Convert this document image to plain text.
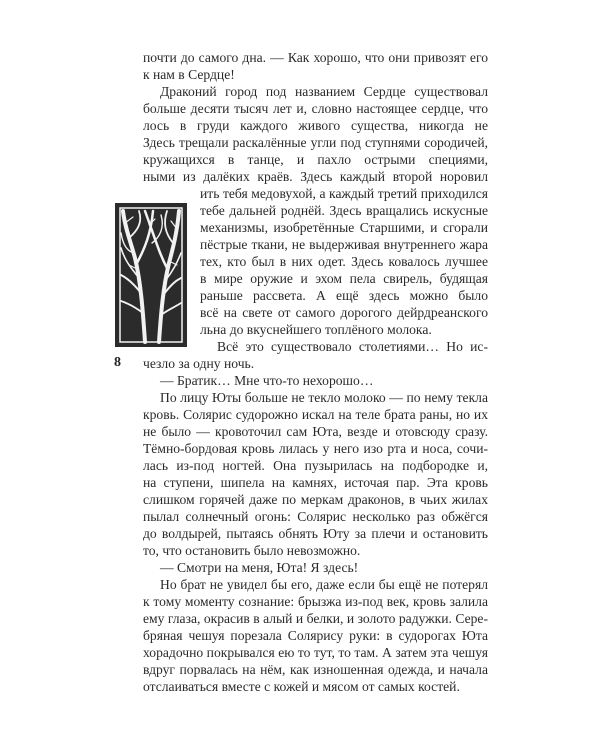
8
почти до самого дна. — Как хорошо, что они привозят его
к нам в Сердце!
Драконий город под названием Сердце существовал
больше десяти тысяч лет и, словно настоящее сердце, что
лось в груди каждого живого существа, никогда не
Здесь трещали раскалённые угли под ступнями сородичей,
кружащихся в танце, и пахло острыми специями,
ными из далёких краёв. Здесь каждый второй норовил
ить тебя медовухой, а каждый третий приходился
тебе дальней роднёй. Здесь вращались искусные
механизмы, изобретённые Старшими, и сгорали
пёстрые ткани, не выдерживая внутреннего жара
тех, кто был в них одет. Здесь ковалось лучшее
в мире оружие и эхом пела свирель, будящая
раньше рассвета. А ещё здесь можно было
всё на свете от самого дорогого дейрдреанского
льна до вкуснейшего топлёного молока.
Всё это существовало столетиями… Но ис-
чезло за одну ночь.
— Братик… Мне что-то нехорошо…
По лицу Юты больше не текло молоко — по нему текла
кровь. Солярис судорожно искал на теле брата раны, но их
не было — кровоточил сам Юта, везде и отовсюду сразу.
Тёмно-бордовая кровь лилась у него изо рта и носа, сочи-
лась из-под ногтей. Она пузырилась на подбородке и,
на ступени, шипела на камнях, источая пар. Эта кровь
слишком горячей даже по меркам драконов, в чьих жилах
пылал солнечный огонь: Солярис несколько раз обжёгся
до волдырей, пытаясь обнять Юту за плечи и остановить
то, что остановить было невозможно.
— Смотри на меня, Юта! Я здесь!
Но брат не увидел бы его, даже если бы ещё не потерял
к тому моменту сознание: брызжа из-под век, кровь залила
ему глаза, окрасив в алый и белки, и золото радужки. Сере-
бряная чешуя порезала Солярису руки: в судорогах Юта
хорадочно покрывался ею то тут, то там. А затем эта чешуя
вдруг порвалась на нём, как изношенная одежда, и начала
отслаиваться вместе с кожей и мясом от самых костей.
